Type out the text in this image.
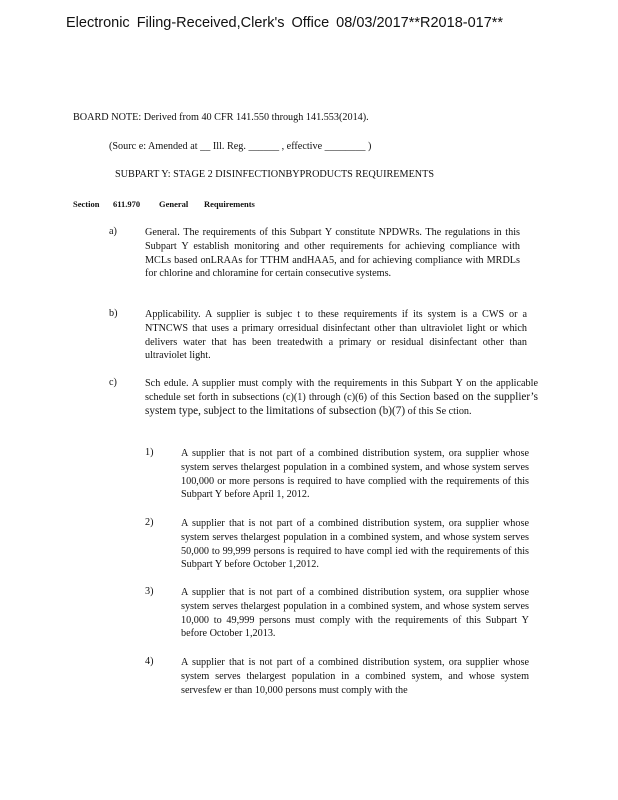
Electronic Filing-Received,Clerk's Office 08/03/2017**R2018-017**
BOARD NOTE: Derived from 40 CFR 141.550 through 141.553(2014).
(Sourc e: Amended at __ Ill. Reg. ______ , effective ________ )
SUBPART Y: STAGE 2 DISINFECTIONBYPRODUCTS REQUIREMENTS
Section 611.970 General Requirements
a)	General. The requirements of this Subpart Y constitute NPDWRs. The regulations in this Subpart Y establish monitoring and other requirements for achieving compliance with MCLs based onLRAAs for TTHM andHAA5, and for achieving compliance with MRDLs for chlorine and chloramine for certain consecutive systems.
b)	Applicability. A supplier is subjec t to these requirements if its system is a CWS or a NTNCWS that uses a primary orresidual disinfectant other than ultraviolet light or which delivers water that has been treatedwith a primary or residual disinfectant other than ultraviolet light.
c)	Sch edule. A supplier must comply with the requirements in this Subpart Y on the applicable schedule set forth in subsections (c)(1) through (c)(6) of this Section based on the supplier’s system type, subject to the limitations of subsection (b)(7) of this Se ction.
1)	A supplier that is not part of a combined distribution system, ora supplier whose system serves thelargest population in a combined system, and whose system serves 100,000 or more persons is required to have complied with the requirements of this Subpart Y before April 1, 2012.
2)	A supplier that is not part of a combined distribution system, ora supplier whose system serves thelargest population in a combined system, and whose system serves 50,000 to 99,999 persons is required to have compl ied with the requirements of this Subpart Y before October 1,2012.
3)	A supplier that is not part of a combined distribution system, ora supplier whose system serves thelargest population in a combined system, and whose system serves 10,000 to 49,999 persons must comply with the requirements of this Subpart Y before October 1,2013.
4)	A supplier that is not part of a combined distribution system, ora supplier whose system serves thelargest population in a combined system, and whose system servesfew er than 10,000 persons must comply with the
